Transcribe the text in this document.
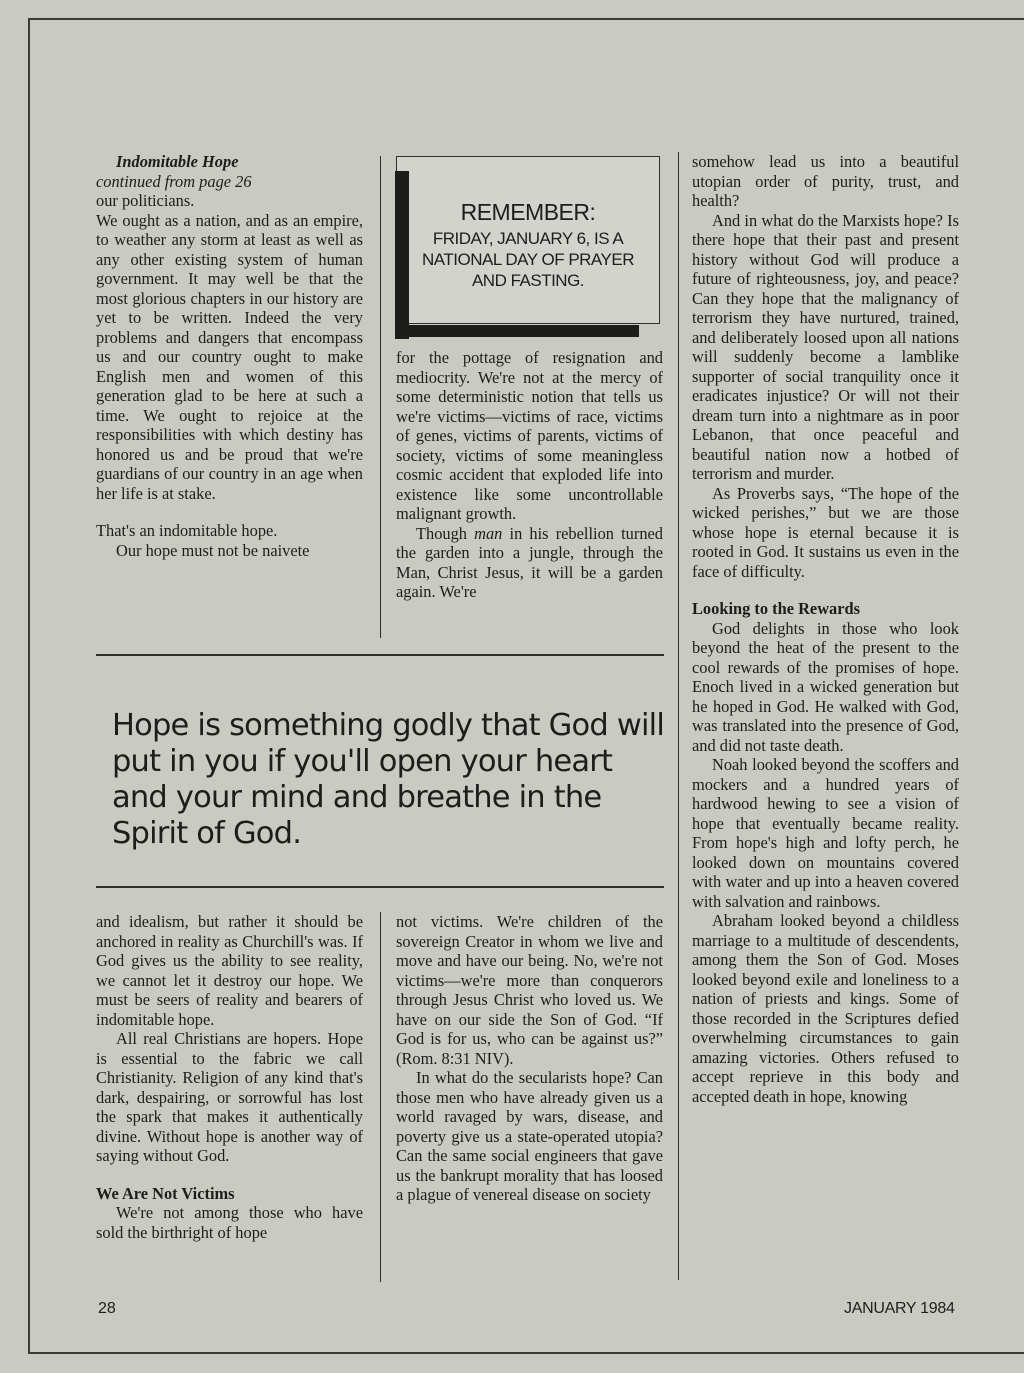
Indomitable Hope
continued from page 26

our politicians.

We ought as a nation, and as an empire, to weather any storm at least as well as any other existing system of human government. It may well be that the most glorious chapters in our history are yet to be written. Indeed the very problems and dangers that encompass us and our country ought to make English men and women of this generation glad to be here at such a time. We ought to rejoice at the responsibilities with which destiny has honored us and be proud that we're guardians of our country in an age when her life is at stake.

That's an indomitable hope.

Our hope must not be naivete

REMEMBER:

FRIDAY, JANUARY 6, IS A NATIONAL DAY OF PRAYER AND FASTING.

for the pottage of resignation and mediocrity. We're not at the mercy of some deterministic notion that tells us we're victims—victims of race, victims of genes, victims of parents, victims of society, victims of some meaningless cosmic accident that exploded life into existence like some uncontrollable malignant growth.

Though man in his rebellion turned the garden into a jungle, through the Man, Christ Jesus, it will be a garden again. We're

somehow lead us into a beautiful utopian order of purity, trust, and health?

And in what do the Marxists hope? Is there hope that their past and present history without God will produce a future of righteousness, joy, and peace? Can they hope that the malignancy of terrorism they have nurtured, trained, and deliberately loosed upon all nations will suddenly become a lamblike supporter of social tranquility once it eradicates injustice? Or will not their dream turn into a nightmare as in poor Lebanon, that once peaceful and beautiful nation now a hotbed of terrorism and murder.

As Proverbs says, “The hope of the wicked perishes,” but we are those whose hope is eternal because it is rooted in God. It sustains us even in the face of difficulty.

Looking to the Rewards

God delights in those who look beyond the heat of the present to the cool rewards of the promises of hope. Enoch lived in a wicked generation but he hoped in God. He walked with God, was translated into the presence of God, and did not taste death.

Noah looked beyond the scoffers and mockers and a hundred years of hardwood hewing to see a vision of hope that eventually became reality. From hope's high and lofty perch, he looked down on mountains covered with water and up into a heaven covered with salvation and rainbows.

Abraham looked beyond a childless marriage to a multitude of descendents, among them the Son of God. Moses looked beyond exile and loneliness to a nation of priests and kings. Some of those recorded in the Scriptures defied overwhelming circumstances to gain amazing victories. Others refused to accept reprieve in this body and accepted death in hope, knowing

Hope is something godly that God will put in you if you'll open your heart and your mind and breathe in the Spirit of God.

and idealism, but rather it should be anchored in reality as Churchill's was. If God gives us the ability to see reality, we cannot let it destroy our hope. We must be seers of reality and bearers of indomitable hope.

All real Christians are hopers. Hope is essential to the fabric we call Christianity. Religion of any kind that's dark, despairing, or sorrowful has lost the spark that makes it authentically divine. Without hope is another way of saying without God.

We Are Not Victims

We're not among those who have sold the birthright of hope

not victims. We're children of the sovereign Creator in whom we live and move and have our being. No, we're not victims—we're more than conquerors through Jesus Christ who loved us. We have on our side the Son of God. “If God is for us, who can be against us?” (Rom. 8:31 NIV).

In what do the secularists hope? Can those men who have already given us a world ravaged by wars, disease, and poverty give us a state-operated utopia? Can the same social engineers that gave us the bankrupt morality that has loosed a plague of venereal disease on society

28	JANUARY 1984
